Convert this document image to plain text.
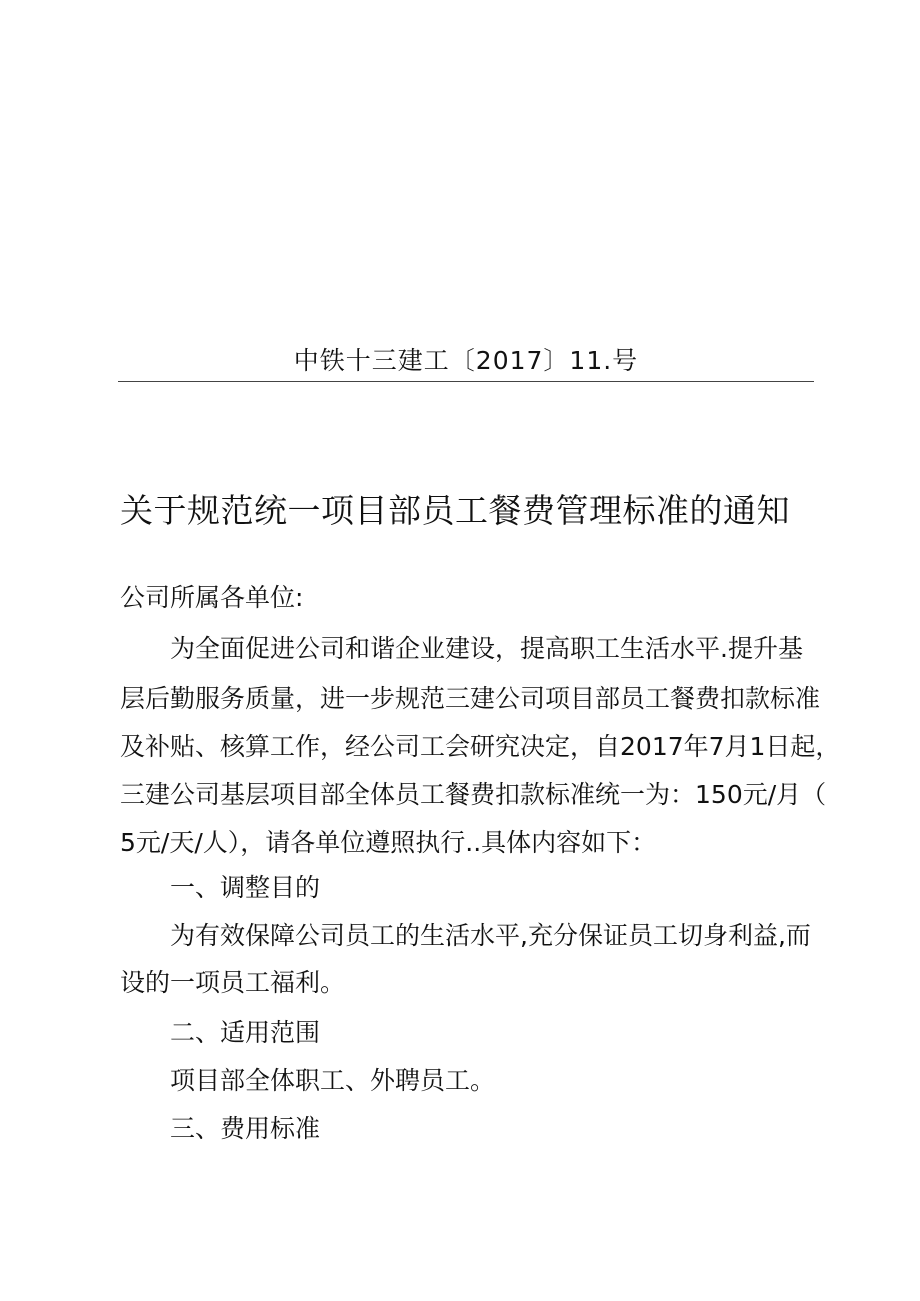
中铁十三建工〔2017〕11.号
关于规范统一项目部员工餐费管理标准的通知
公司所属各单位:
为全面促进公司和谐企业建设，提高职工生活水平.提升基
层后勤服务质量，进一步规范三建公司项目部员工餐费扣款标准
及补贴、核算工作，经公司工会研究决定，自2017年7月1日起，
三建公司基层项目部全体员工餐费扣款标准统一为：150元/月（
5元/天/人），请各单位遵照执行..具体内容如下：
一、调整目的
为有效保障公司员工的生活水平,充分保证员工切身利益,而
设的一项员工福利。
二、适用范围
项目部全体职工、外聘员工。
三、费用标准
